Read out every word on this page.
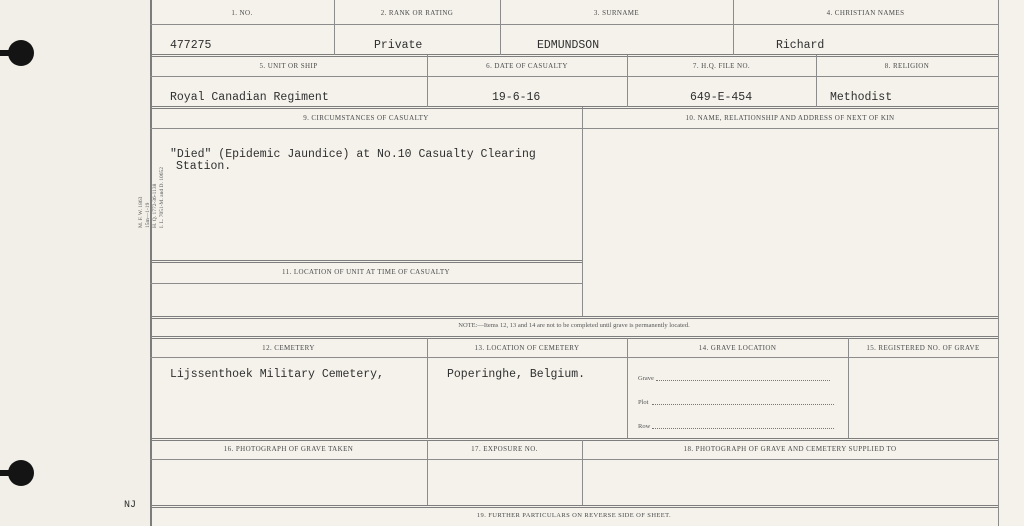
M. F. W. 1863 15m—1-19 H. Q. 1772-36-1138 I. L. 7051-M. and D. 10652
NJ
1. NO.	2. RANK OR RATING	3. SURNAME	4. CHRISTIAN NAMES
477275	Private	EDMUNDSON	Richard
5. UNIT OR SHIP	6. DATE OF CASUALTY	7. H.Q. FILE NO.	8. RELIGION
Royal Canadian Regiment	19-6-16	649-E-454	Methodist
9. CIRCUMSTANCES OF CASUALTY	10. NAME, RELATIONSHIP AND ADDRESS OF NEXT OF KIN
"Died" (Epidemic Jaundice) at No.10 Casualty Clearing
Station.
11. LOCATION OF UNIT AT TIME OF CASUALTY
NOTE:—Items 12, 13 and 14 are not to be completed until grave is permanently located.
12. CEMETERY	13. LOCATION OF CEMETERY	14. GRAVE LOCATION	15. REGISTERED NO. OF GRAVE
Lijssenthoek Military Cemetery,	Poperinghe, Belgium.	Grave
Plot
Row
16. PHOTOGRAPH OF GRAVE TAKEN	17. EXPOSURE NO.	18. PHOTOGRAPH OF GRAVE AND CEMETERY SUPPLIED TO
19. FURTHER PARTICULARS ON REVERSE SIDE OF SHEET.
